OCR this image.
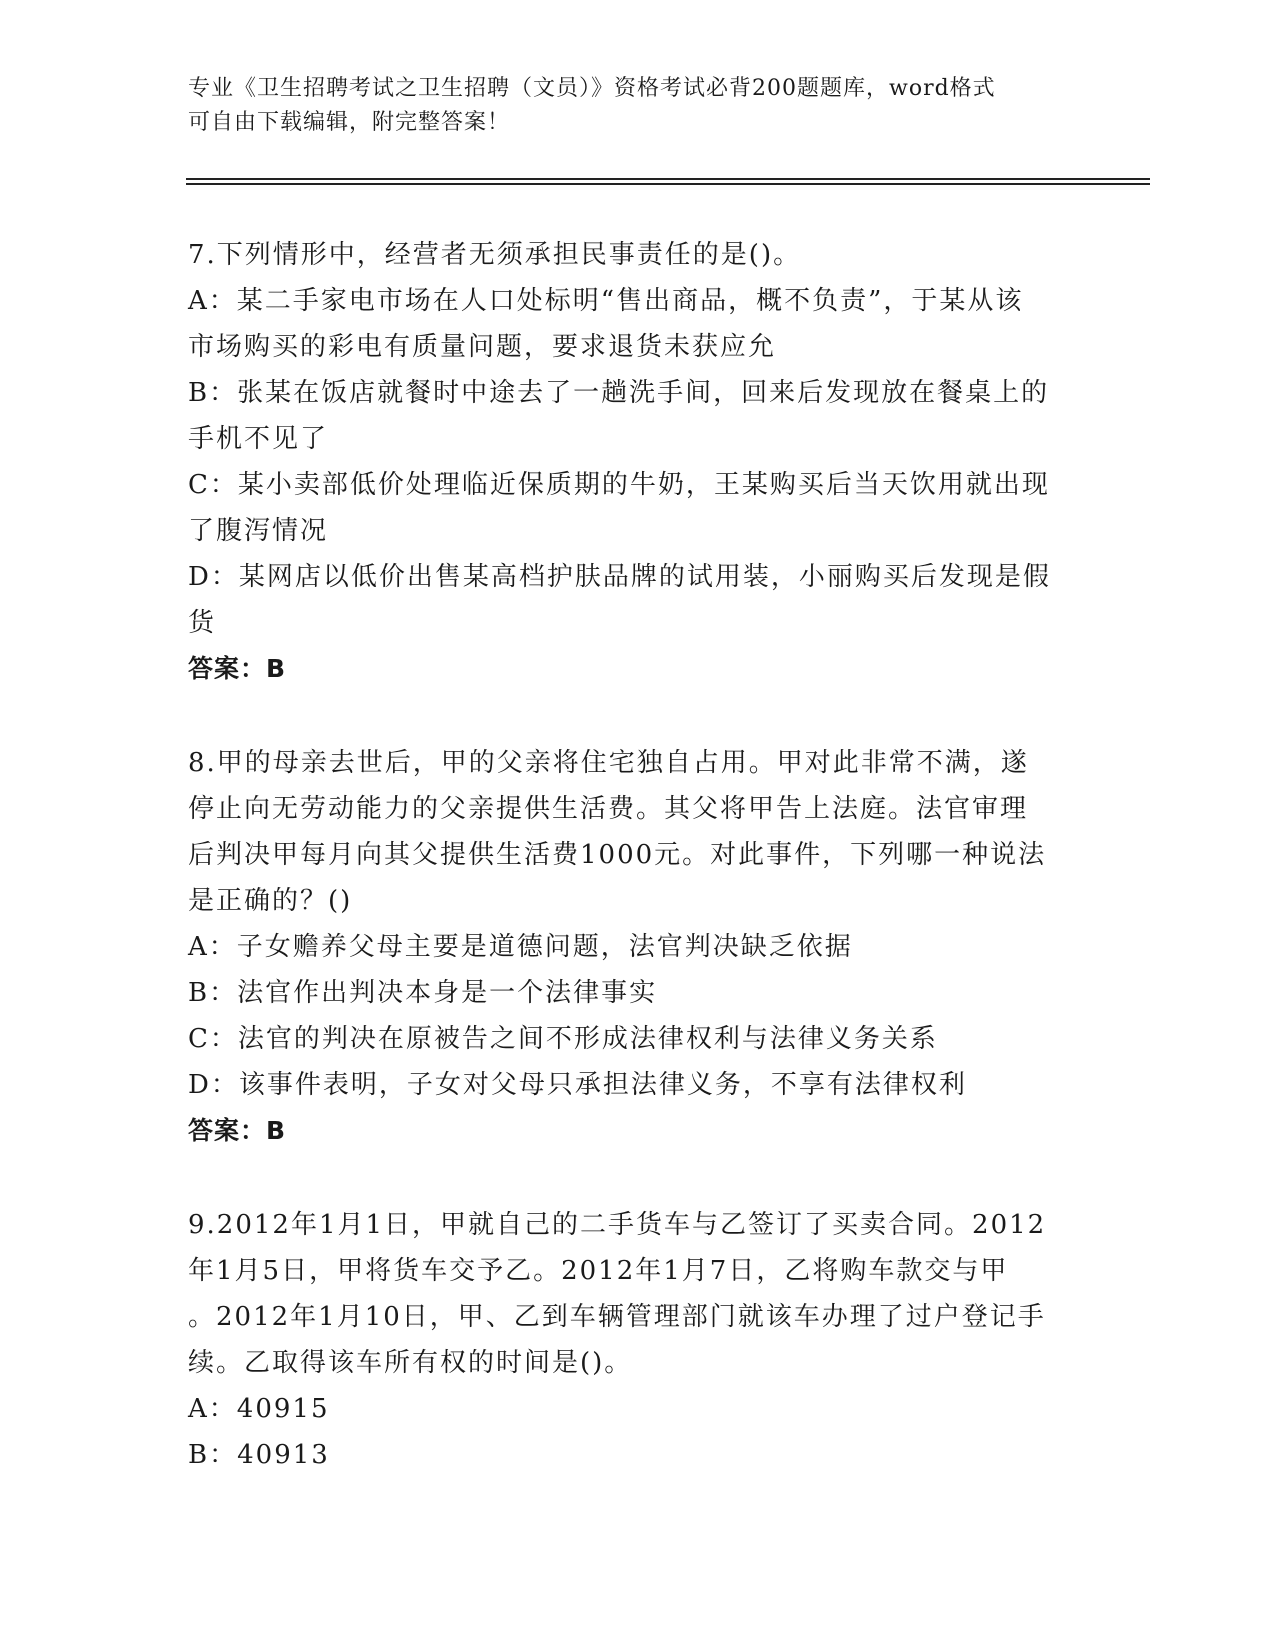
专业《卫生招聘考试之卫生招聘（文员）》资格考试必背200题题库，word格式
可自由下载编辑，附完整答案！
7.下列情形中，经营者无须承担民事责任的是()。
A：某二手家电市场在人口处标明“售出商品，概不负责”，于某从该
市场购买的彩电有质量问题，要求退货未获应允
B：张某在饭店就餐时中途去了一趟洗手间，回来后发现放在餐桌上的
手机不见了
C：某小卖部低价处理临近保质期的牛奶，王某购买后当天饮用就出现
了腹泻情况
D：某网店以低价出售某高档护肤品牌的试用装，小丽购买后发现是假
货
答案：B
8.甲的母亲去世后，甲的父亲将住宅独自占用。甲对此非常不满，遂
停止向无劳动能力的父亲提供生活费。其父将甲告上法庭。法官审理
后判决甲每月向其父提供生活费1000元。对此事件，下列哪一种说法
是正确的？()
A：子女赡养父母主要是道德问题，法官判决缺乏依据
B：法官作出判决本身是一个法律事实
C：法官的判决在原被告之间不形成法律权利与法律义务关系
D：该事件表明，子女对父母只承担法律义务，不享有法律权利
答案：B
9.2012年1月1日，甲就自己的二手货车与乙签订了买卖合同。2012
年1月5日，甲将货车交予乙。2012年1月7日，乙将购车款交与甲
。2012年1月10日，甲、乙到车辆管理部门就该车办理了过户登记手
续。乙取得该车所有权的时间是()。
A：40915
B：40913
